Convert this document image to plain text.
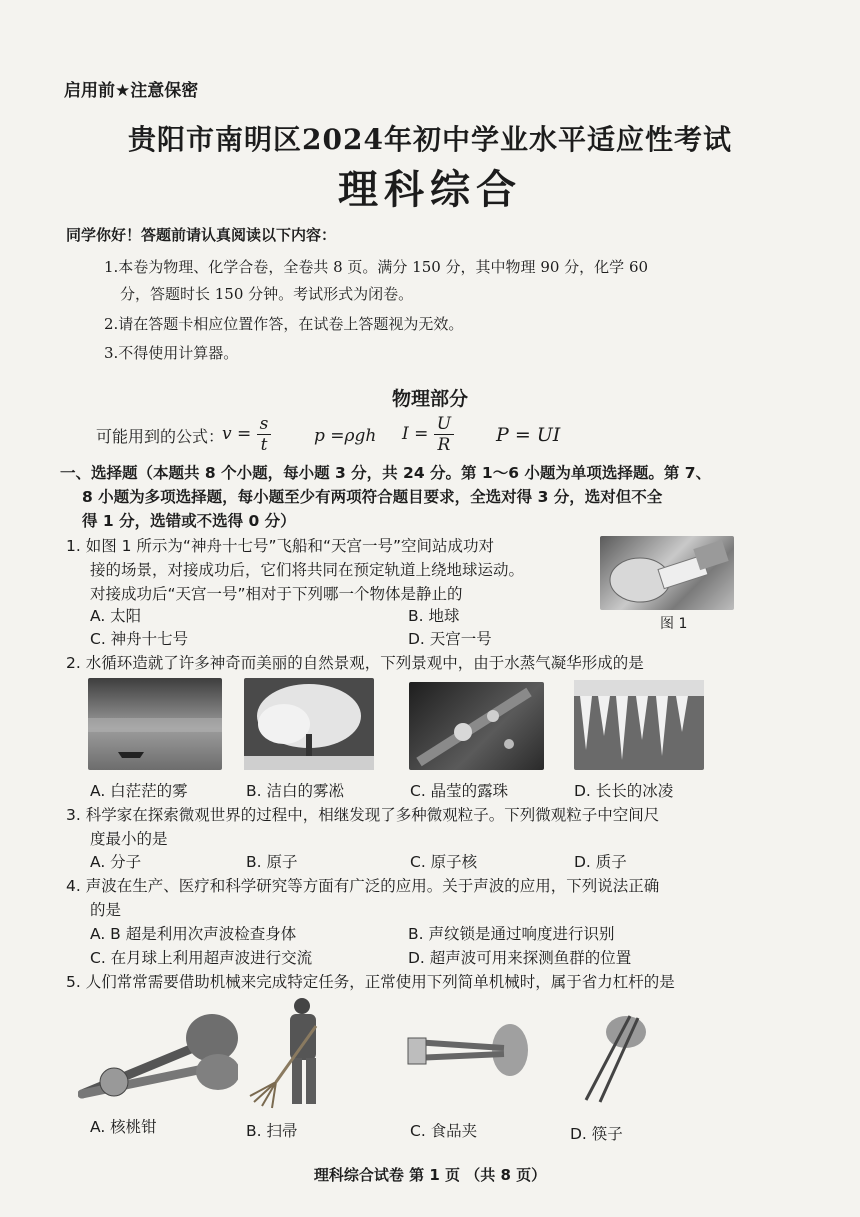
启用前★注意保密
贵阳市南明区2024年初中学业水平适应性考试
理科综合
同学你好！答题前请认真阅读以下内容：
1.本卷为物理、化学合卷，全卷共 8 页。满分 150 分，其中物理 90 分，化学 60
分，答题时长 150 分钟。考试形式为闭卷。
2.请在答题卡相应位置作答，在试卷上答题视为无效。
3.不得使用计算器。
物理部分
可能用到的公式：
$v = \frac{s}{t}$	p =ρgh $I = \frac{U}{R}$ P = UI
一、选择题（本题共 8 个小题，每小题 3 分，共 24 分。第 1～6 小题为单项选择题。第 7、
8 小题为多项选择题，每小题至少有两项符合题目要求，全选对得 3 分，选对但不全
得 1 分，选错或不选得 0 分）
1. 如图 1 所示为“神舟十七号”飞船和“天宫一号”空间站成功对
接的场景，对接成功后，它们将共同在预定轨道上绕地球运动。
对接成功后“天宫一号”相对于下列哪一个物体是静止的
A. 太阳	B. 地球
C. 神舟十七号	D. 天宫一号
图 1
2. 水循环造就了许多神奇而美丽的自然景观，下列景观中，由于水蒸气凝华形成的是
A. 白茫茫的雾	B. 洁白的雾凇	C. 晶莹的露珠	D. 长长的冰凌
3. 科学家在探索微观世界的过程中，相继发现了多种微观粒子。下列微观粒子中空间尺
度最小的是
A. 分子	B. 原子	C. 原子核	D. 质子
4. 声波在生产、医疗和科学研究等方面有广泛的应用。关于声波的应用，下列说法正确
的是
A. B 超是利用次声波检查身体	B. 声纹锁是通过响度进行识别
C. 在月球上利用超声波进行交流	D. 超声波可用来探测鱼群的位置
5. 人们常常需要借助机械来完成特定任务，正常使用下列简单机械时，属于省力杠杆的是
A. 核桃钳	B. 扫帚	C. 食品夹	D. 筷子
理科综合试卷 第 1 页 （共 8 页）
